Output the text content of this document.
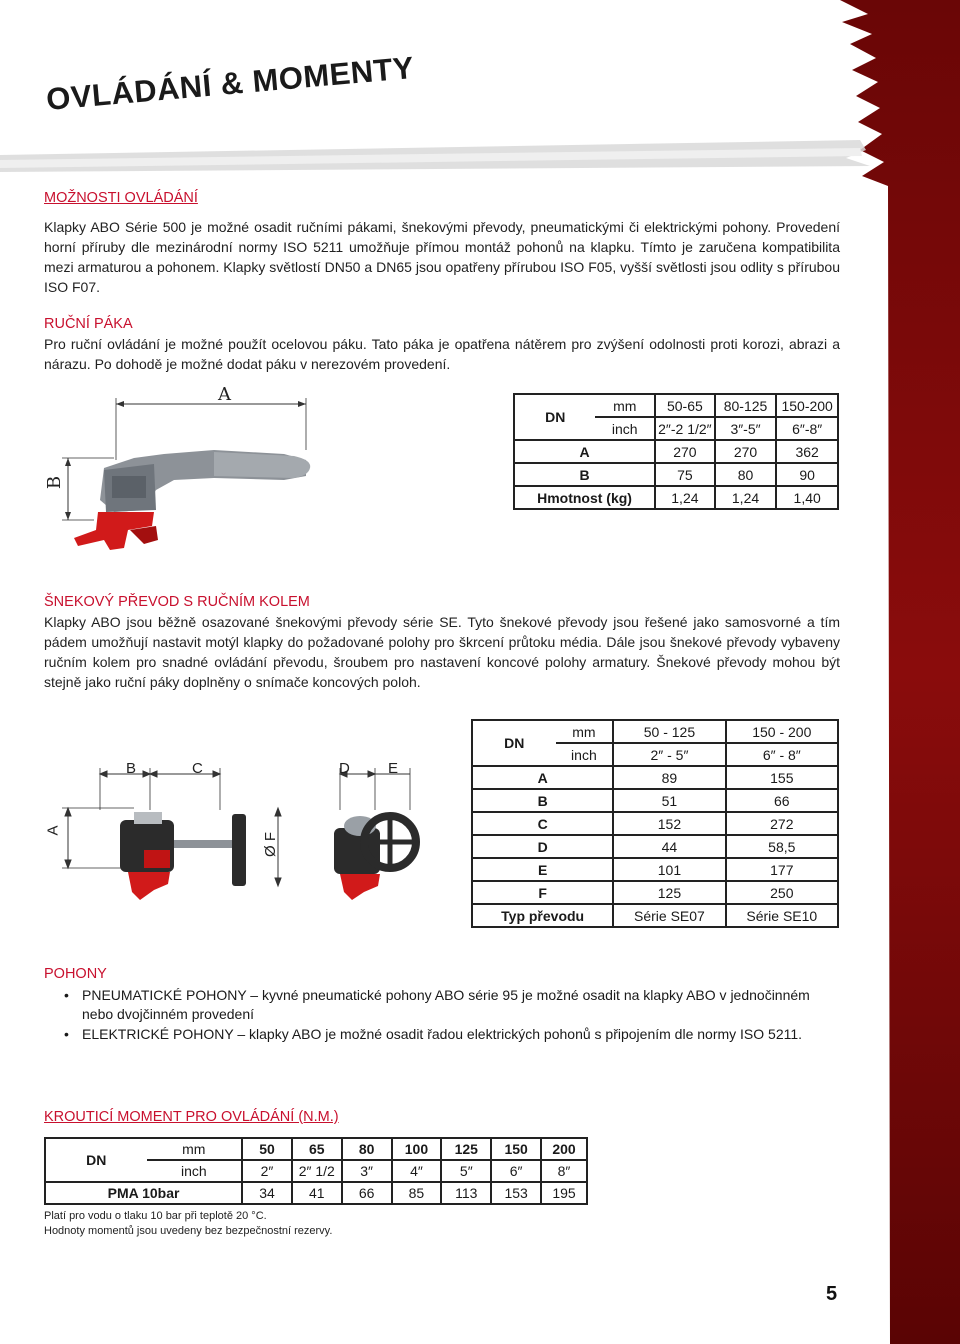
OVLÁDÁNÍ & MOMENTY
MOŽNOSTI OVLÁDÁNÍ
Klapky ABO Série 500 je možné osadit ručními pákami, šnekovými převody, pneumatickými či elektrickými pohony. Provedení horní příruby dle mezinárodní normy ISO 5211 umožňuje přímou montáž pohonů na klapku. Tímto je zaručena kompatibilita mezi armaturou a pohonem. Klapky světlostí DN50 a DN65 jsou opatřeny přírubou ISO F05, vyšší světlosti jsou odlity s přírubou ISO F07.
RUČNÍ PÁKA
Pro ruční ovládání je možné použít ocelovou páku. Tato páka je opatřena nátěrem pro zvýšení odolnosti proti korozi, abrazi a nárazu. Po dohodě je možné dodat páku v nerezovém provedení.
A
B
DN	mm	50-65	80-125	150-200
	inch	2″-2 1/2″	3″-5″	6″-8″
A		270	270	362
B		75	80	90
Hmotnost (kg)		1,24	1,24	1,40
ŠNEKOVÝ PŘEVOD S RUČNÍM KOLEM
Klapky ABO jsou běžně osazované šnekovými převody série SE. Tyto šnekové převody jsou řešené jako samosvorné a tím pádem umožňují nastavit motýl klapky do požadované polohy pro škrcení průtoku média. Dále jsou šnekové převody vybaveny ručním kolem pro snadné ovládání převodu, šroubem pro nastavení koncové polohy armatury. Šnekové převody mohou být stejně jako ruční páky doplněny o snímače koncových poloh.
B	C	D	E
A
Ø F
DN	mm	50 - 125	150 - 200
	inch	2″ - 5″	6″ - 8″
A		89	155
B		51	66
C		152	272
D		44	58,5
E		101	177
F		125	250
Typ převodu		Série SE07	Série SE10
POHONY
• PNEUMATICKÉ POHONY – kyvné pneumatické pohony ABO série 95 je možné osadit na klapky ABO v jednočinném nebo dvojčinném provedení
• ELEKTRICKÉ POHONY – klapky ABO je možné osadit řadou elektrických pohonů s připojením dle normy ISO 5211.
KROUTICÍ MOMENT PRO OVLÁDÁNÍ (N.M.)
DN	mm	50	65	80	100	125	150	200
	inch	2″	2″ 1/2	3″	4″	5″	6″	8″
PMA 10bar		34	41	66	85	113	153	195
Platí pro vodu o tlaku 10 bar při teplotě 20 °C.
Hodnoty momentů jsou uvedeny bez bezpečnostní rezervy.
5
